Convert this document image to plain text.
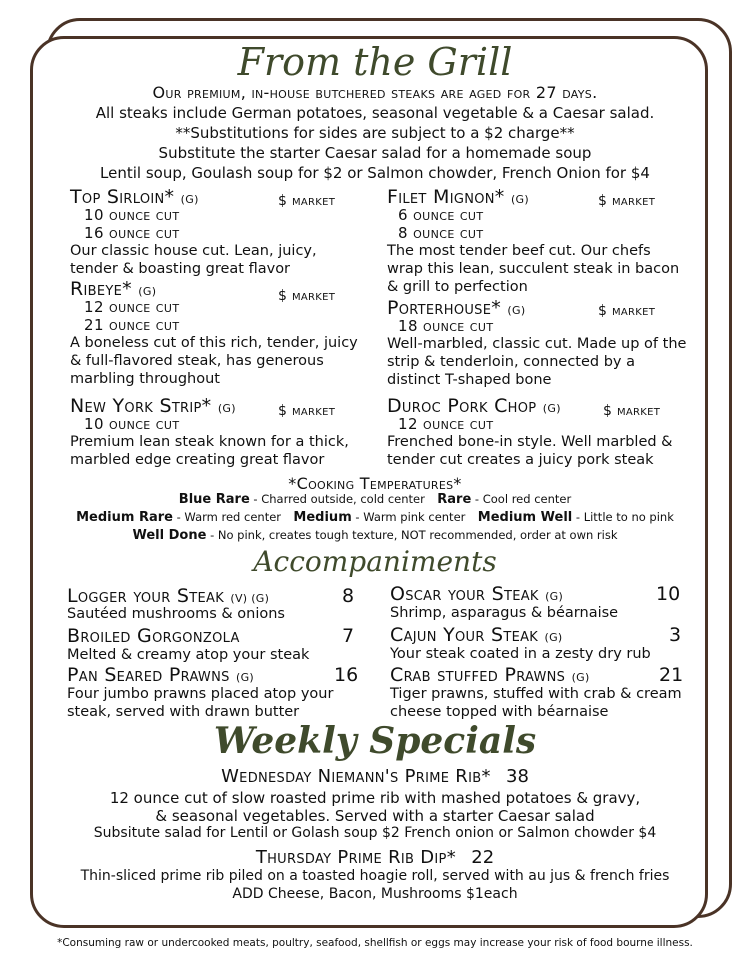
From the Grill
Our premium, in-house butchered steaks are aged for 27 days.
All steaks include German potatoes, seasonal vegetable & a Caesar salad.
**Substitutions for sides are subject to a $2 charge**
Substitute the starter Caesar salad for a homemade soup
Lentil soup, Goulash soup for $2 or Salmon chowder, French Onion for $4
Top Sirloin* (G)	$ market
10 ounce cut
16 ounce cut
Our classic house cut. Lean, juicy, tender & boasting great flavor
Ribeye* (G)	$ market
12 ounce cut
21 ounce cut
A boneless cut of this rich, tender, juicy & full-flavored steak, has generous marbling throughout
New York Strip* (G)	$ market
10 ounce cut
Premium lean steak known for a thick, marbled edge creating great flavor
Filet Mignon* (G)	$ market
6 ounce cut
8 ounce cut
The most tender beef cut. Our chefs wrap this lean, succulent steak in bacon & grill to perfection
Porterhouse* (G)	$ market
18 ounce cut
Well-marbled, classic cut. Made up of the strip & tenderloin, connected by a distinct T-shaped bone
Duroc Pork Chop (G)	$ market
12 ounce cut
Frenched bone-in style. Well marbled & tender cut creates a juicy pork steak
*Cooking Temperatures*
Blue Rare - Charred outside, cold center Rare - Cool red center
Medium Rare - Warm red center Medium - Warm pink center Medium Well - Little to no pink
Well Done - No pink, creates tough texture, NOT recommended, order at own risk
Accompaniments
Logger your Steak (V) (G)	8
Sautéed mushrooms & onions
Broiled Gorgonzola	7
Melted & creamy atop your steak
Pan Seared Prawns (G)	16
Four jumbo prawns placed atop your steak, served with drawn butter
Oscar your Steak (G)	10
Shrimp, asparagus & béarnaise
Cajun Your Steak (G)	3
Your steak coated in a zesty dry rub
Crab stuffed Prawns (G)	21
Tiger prawns, stuffed with crab & cream cheese topped with béarnaise
Weekly Specials
Wednesday Niemann's Prime Rib* 38
12 ounce cut of slow roasted prime rib with mashed potatoes & gravy,
& seasonal vegetables. Served with a starter Caesar salad
Subsitute salad for Lentil or Golash soup $2 French onion or Salmon chowder $4
Thursday Prime Rib Dip* 22
Thin-sliced prime rib piled on a toasted hoagie roll, served with au jus & french fries
ADD Cheese, Bacon, Mushrooms $1each
*Consuming raw or undercooked meats, poultry, seafood, shellfish or eggs may increase your risk of food bourne illness.
